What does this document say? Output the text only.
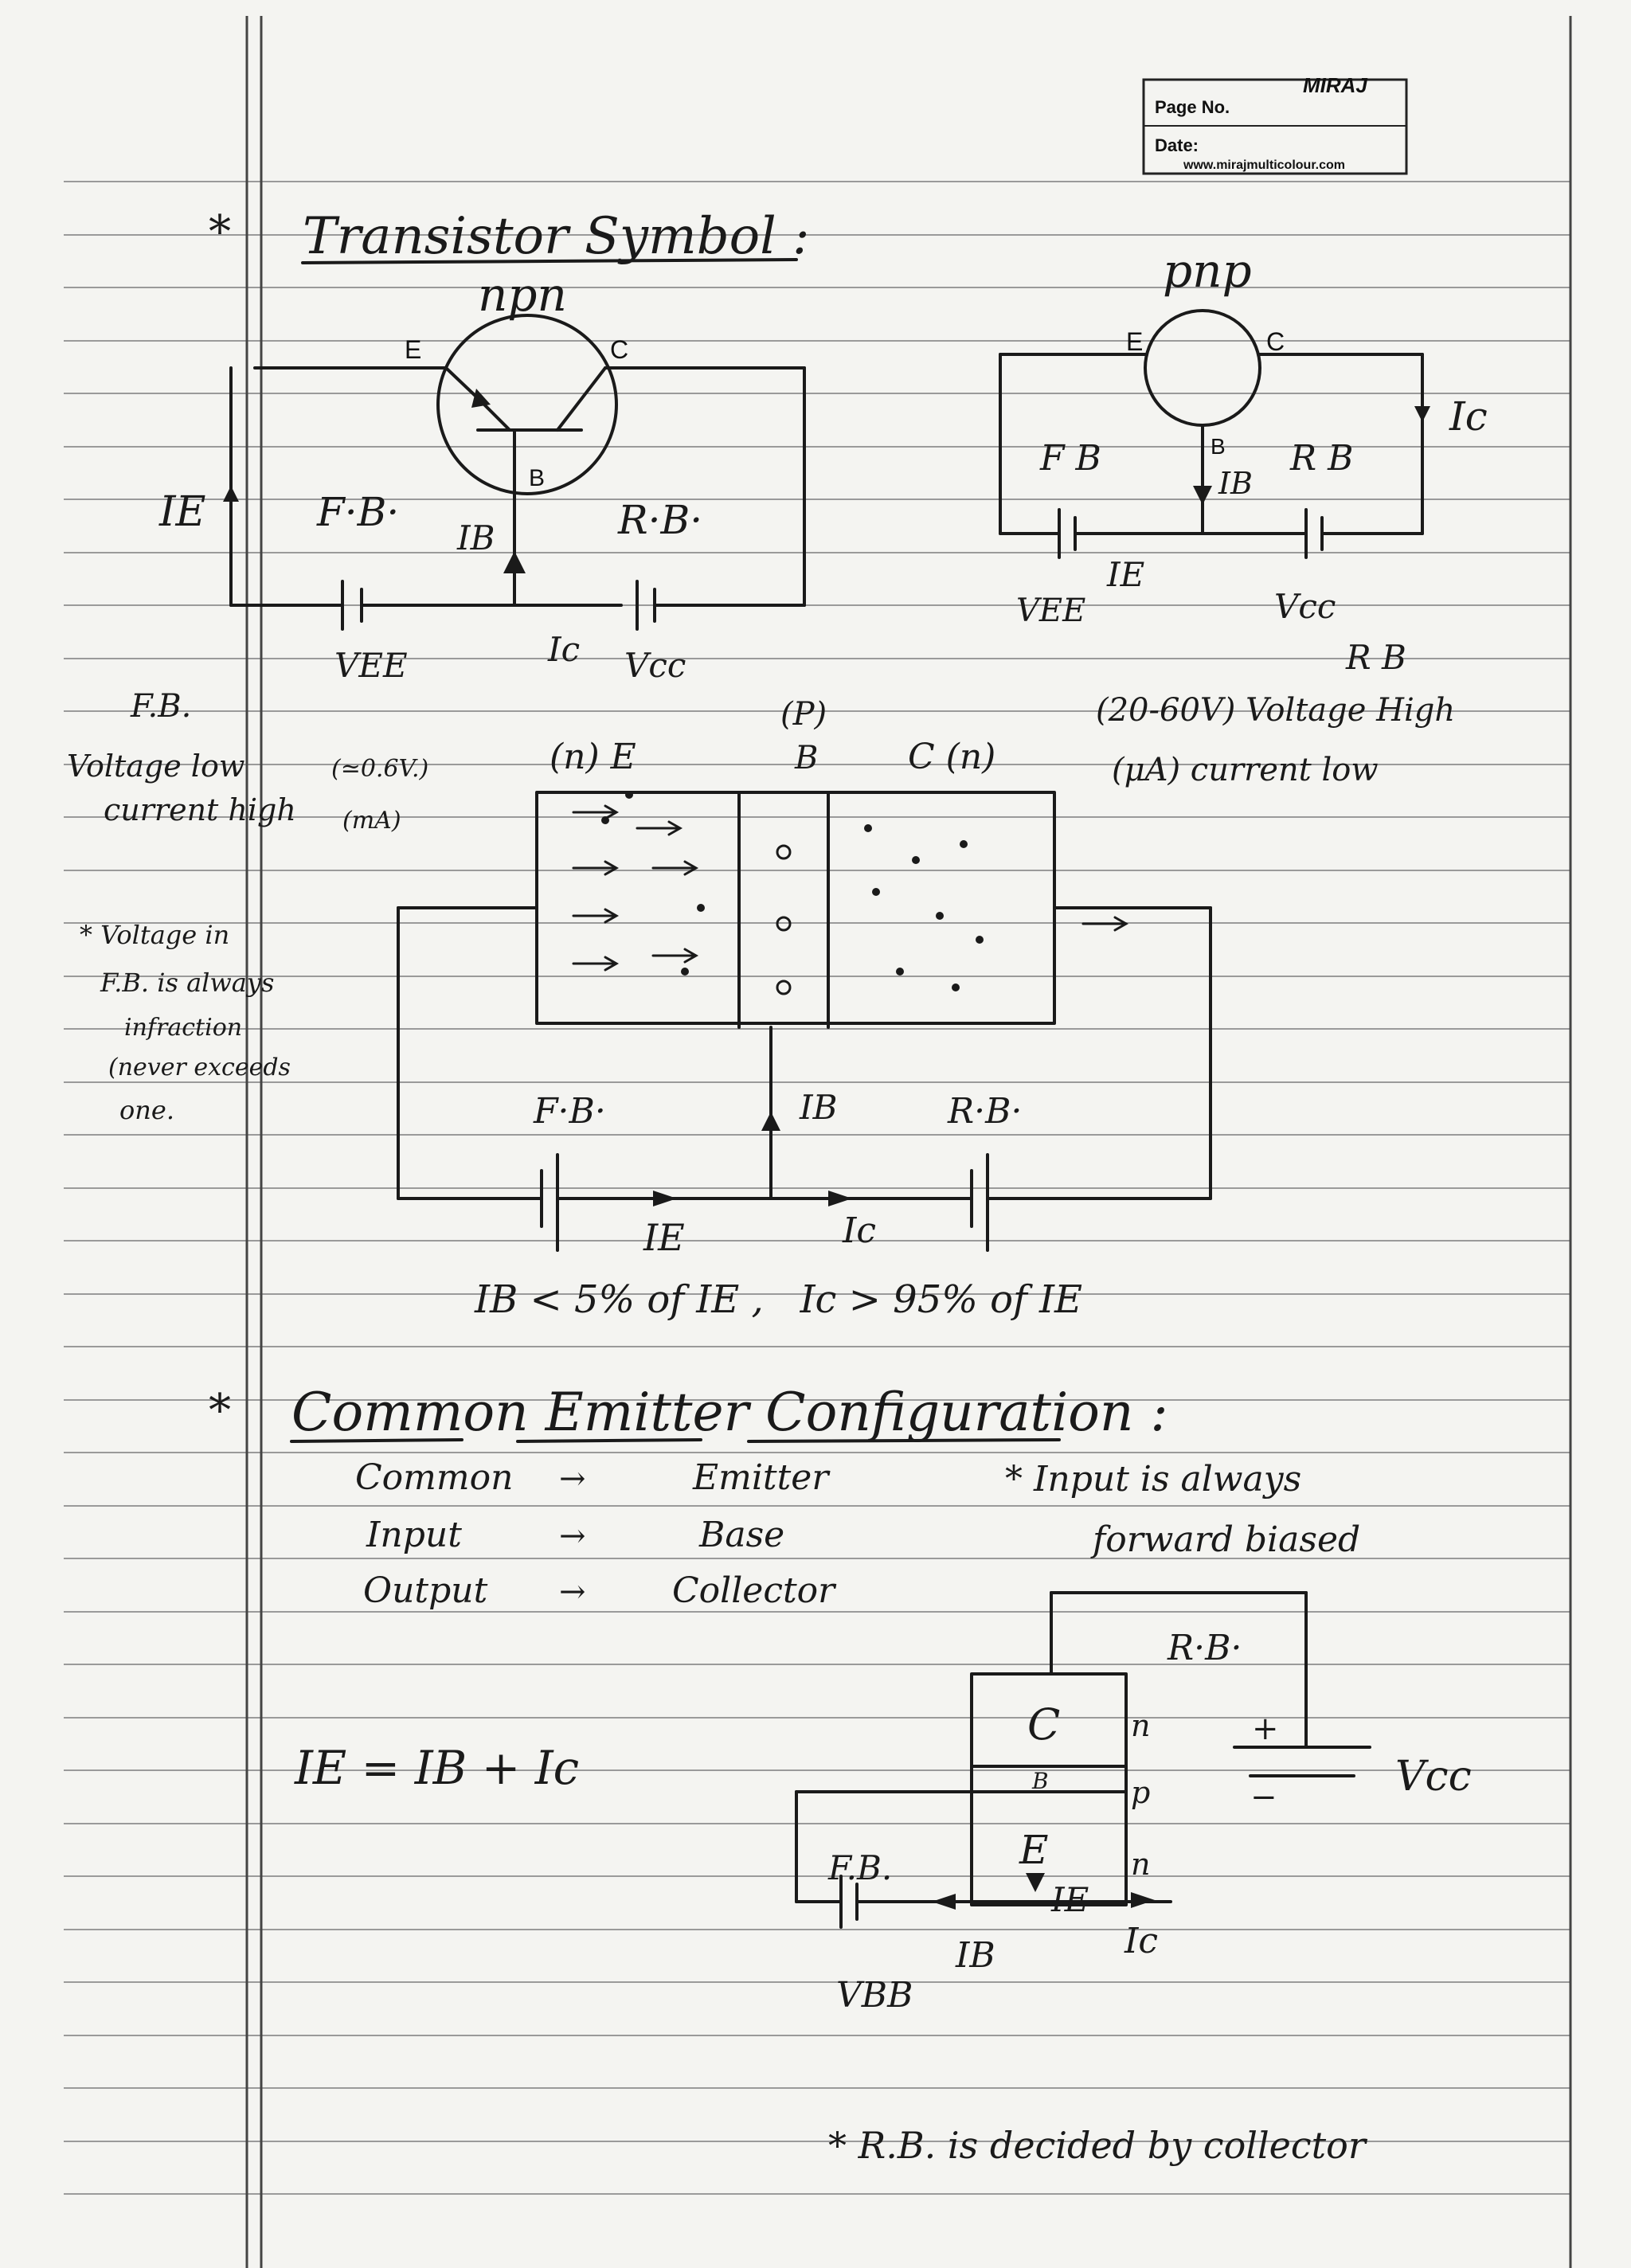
MIRAJ
Page No.
Date:
www.mirajmulticolour.com
* Transistor Symbol :
npn
E	C
B
IE	F·B·	R·B·
IB
Ic
VEE	Vcc
pnp
E	C
B
Ic
F B	R B
IB
IE
VEE	Vcc
F.B.
Voltage low	(≃0.6V.)
current high (mA)
R B
(20-60V) Voltage High
(μA) current low
* Voltage in
F.B. is always
infraction
(never exceeds
one.
(n) E
(P)
B	C (n)
F·B·	R·B·
IB
IE	Ic
IB < 5% of IE ,   Ic > 95% of IE
* Common Emitter Configuration :
Common →	Emitter
Input	→	Base
Output → Collector
* Input is always
forward biased
IE = IB + Ic
R·B·
C
B
E
n
p
n
+
−	Vcc
F.B.
IE
IB	Ic
VBB
* R.B. is decided by collector
